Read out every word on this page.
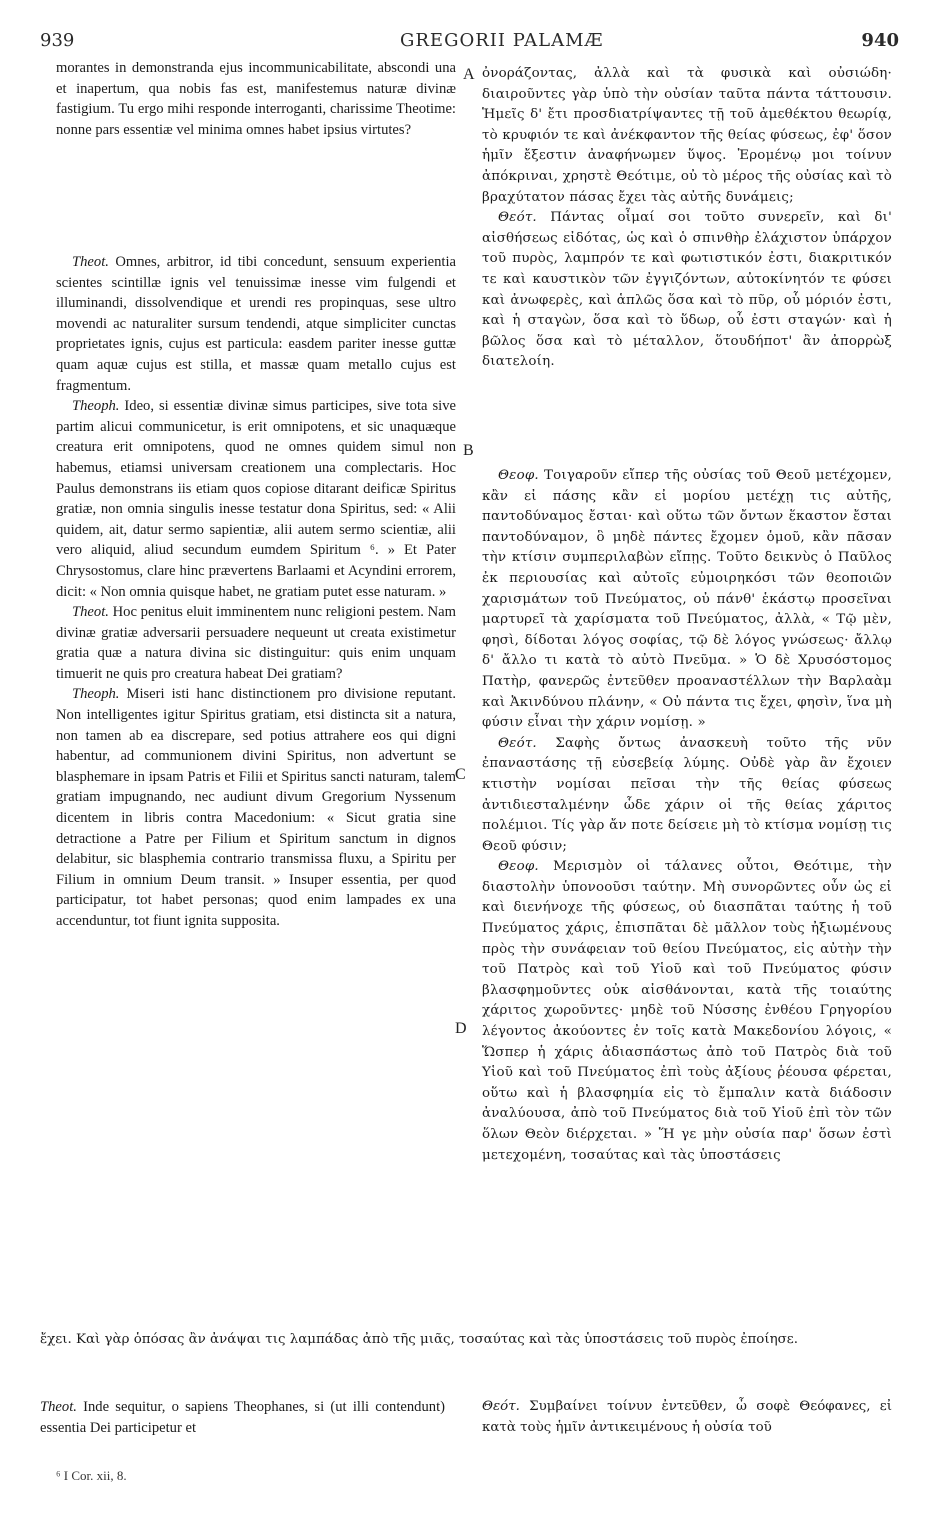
939	GREGORII PALAMÆ	940

morantes in demonstranda ejus incommunicabilitate, abscondi una et inapertum, qua nobis fas est, manifestemus naturæ divinæ fastigium. Tu ergo mihi responde interroganti, charissime Theotime: nonne pars essentiæ vel minima omnes habet ipsius virtutes?

Theot. Omnes, arbitror, id tibi concedunt, sensuum experientia scientes scintillæ ignis vel tenuissimæ inesse vim fulgendi et illuminandi, dissolvendique et urendi res propinquas, sese ultro movendi ac naturaliter sursum tendendi, atque simpliciter cunctas proprietates ignis, cujus est particula: easdem pariter inesse guttæ quam aquæ cujus est stilla, et massæ quam metallo cujus est fragmentum.

Theoph. Ideo, si essentiæ divinæ simus participes, sive tota sive partim alicui communicetur, is erit omnipotens, et sic unaquæque creatura erit omnipotens, quod ne omnes quidem simul non habemus, etiamsi universam creationem una complectaris. Hoc Paulus demonstrans iis etiam quos copiose ditarant deificæ Spiritus gratiæ, non omnia singulis inesse testatur dona Spiritus, sed: « Alii quidem, ait, datur sermo sapientiæ, alii autem sermo scientiæ, alii vero aliquid, aliud secundum eumdem Spiritum ⁶. » Et Pater Chrysostomus, clare hinc prævertens Barlaami et Acyndini errorem, dicit: « Non omnia quisque habet, ne gratiam putet esse naturam. »

Theot. Hoc penitus eluit imminentem nunc religioni pestem. Nam divinæ gratiæ adversarii persuadere nequeunt ut creata existimetur gratia quæ a natura divina sic distinguitur: quis enim unquam timuerit ne quis pro creatura habeat Dei gratiam?

Theoph. Miseri isti hanc distinctionem pro divisione reputant. Non intelligentes igitur Spiritus gratiam, etsi distincta sit a natura, non tamen ab ea discrepare, sed potius attrahere eos qui digni habentur, ad communionem divini Spiritus, non advertunt se blasphemare in ipsam Patris et Filii et Spiritus sancti naturam, talem gratiam impugnando, nec audiunt divum Gregorium Nyssenum dicentem in libris contra Macedonium: « Sicut gratia sine detractione a Patre per Filium et Spiritum sanctum in dignos delabitur, sic blasphemia contrario transmissa fluxu, a Spiritu per Filium in omnium Deum transit. » Insuper essentia, per quod participatur, tot habet personas; quod enim lampades ex una accenduntur, tot fiunt ignita supposita.

A
B
C
D

ὀνοράζοντας, ἀλλὰ καὶ τὰ φυσικὰ καὶ οὐσιώδη· διαιροῦντες γὰρ ὑπὸ τὴν οὐσίαν ταῦτα πάντα τάττουσιν. Ἡμεῖς δ' ἔτι προσδιατρίψαντες τῇ τοῦ ἀμεθέκτου θεωρίᾳ, τὸ κρυφιόν τε καὶ ἀνέκφαντον τῆς θείας φύσεως, ἐφ' ὅσον ἡμῖν ἔξεστιν ἀναφήνωμεν ὕψος. Ἐρομένῳ μοι τοίνυν ἀπόκριναι, χρηστὲ Θεότιμε, οὐ τὸ μέρος τῆς οὐσίας καὶ τὸ βραχύτατον πάσας ἔχει τὰς αὐτῆς δυνάμεις;

Θεότ. Πάντας οἶμαί σοι τοῦτο συνερεῖν, καὶ δι' αἰσθήσεως εἰδότας, ὡς καὶ ὁ σπινθὴρ ἐλάχιστον ὑπάρχον τοῦ πυρὸς, λαμπρόν τε καὶ φωτιστικόν ἐστι, διακριτικόν τε καὶ καυστικὸν τῶν ἐγγιζόντων, αὐτοκίνητόν τε φύσει καὶ ἀνωφερὲς, καὶ ἁπλῶς ὅσα καὶ τὸ πῦρ, οὗ μόριόν ἐστι, καὶ ἡ σταγὼν, ὅσα καὶ τὸ ὕδωρ, οὗ ἐστι σταγών· καὶ ἡ βῶλος ὅσα καὶ τὸ μέταλλον, ὅτουδήποτ' ἂν ἀπορρὼξ διατελοίη.

Θεοφ. Τοιγαροῦν εἴπερ τῆς οὐσίας τοῦ Θεοῦ μετέχομεν, κἂν εἰ πάσης κἂν εἰ μορίου μετέχῃ τις αὐτῆς, παντοδύναμος ἔσται· καὶ οὕτω τῶν ὄντων ἕκαστον ἔσται παντοδύναμον, ὃ μηδὲ πάντες ἔχομεν ὁμοῦ, κἂν πᾶσαν τὴν κτίσιν συμπεριλαβὼν εἴπῃς. Τοῦτο δεικνὺς ὁ Παῦλος ἐκ περιουσίας καὶ αὐτοῖς εὐμοιρηκόσι τῶν θεοποιῶν χαρισμάτων τοῦ Πνεύματος, οὐ πάνθ' ἑκάστῳ προσεῖναι μαρτυρεῖ τὰ χαρίσματα τοῦ Πνεύματος, ἀλλὰ, « Τῷ μὲν, φησὶ, δίδοται λόγος σοφίας, τῷ δὲ λόγος γνώσεως· ἄλλῳ δ' ἄλλο τι κατὰ τὸ αὐτὸ Πνεῦμα. » Ὁ δὲ Χρυσόστομος Πατὴρ, φανερῶς ἐντεῦθεν προαναστέλλων τὴν Βαρλαὰμ καὶ Ἀκινδύνου πλάνην, « Οὐ πάντα τις ἔχει, φησὶν, ἵνα μὴ φύσιν εἶναι τὴν χάριν νομίσῃ. »

Θεότ. Σαφὴς ὄντως ἀνασκευὴ τοῦτο τῆς νῦν ἐπαναστάσης τῇ εὐσεβείᾳ λύμης. Οὐδὲ γὰρ ἂν ἔχοιεν κτιστὴν νομίσαι πεῖσαι τὴν τῆς θείας φύσεως ἀντιδιεσταλμένην ὧδε χάριν οἱ τῆς θείας χάριτος πολέμιοι. Τίς γὰρ ἄν ποτε δείσειε μὴ τὸ κτίσμα νομίσῃ τις Θεοῦ φύσιν;

Θεοφ. Μερισμὸν οἱ τάλανες οὗτοι, Θεότιμε, τὴν διαστολὴν ὑπονοοῦσι ταύτην. Μὴ συνορῶντες οὖν ὡς εἰ καὶ διενήνοχε τῆς φύσεως, οὐ διασπᾶται ταύτης ἡ τοῦ Πνεύματος χάρις, ἐπισπᾶται δὲ μᾶλλον τοὺς ἠξιωμένους πρὸς τὴν συνάφειαν τοῦ θείου Πνεύματος, εἰς αὐτὴν τὴν τοῦ Πατρὸς καὶ τοῦ Υἱοῦ καὶ τοῦ Πνεύματος φύσιν βλασφημοῦντες οὐκ αἰσθάνονται, κατὰ τῆς τοιαύτης χάριτος χωροῦντες· μηδὲ τοῦ Νύσσης ἐνθέου Γρηγορίου λέγοντος ἀκούοντες ἐν τοῖς κατὰ Μακεδονίου λόγοις, « Ὥσπερ ἡ χάρις ἀδιασπάστως ἀπὸ τοῦ Πατρὸς διὰ τοῦ Υἱοῦ καὶ τοῦ Πνεύματος ἐπὶ τοὺς ἀξίους ῥέουσα φέρεται, οὕτω καὶ ἡ βλασφημία εἰς τὸ ἔμπαλιν κατὰ διάδοσιν ἀναλύουσα, ἀπὸ τοῦ Πνεύματος διὰ τοῦ Υἱοῦ ἐπὶ τὸν τῶν ὅλων Θεὸν διέρχεται. » Ἥ γε μὴν οὐσία παρ' ὅσων ἐστὶ μετεχομένη, τοσαύτας καὶ τὰς ὑποστάσεις

ἔχει. Καὶ γὰρ ὁπόσας ἂν ἀνάψαι τις λαμπάδας ἀπὸ τῆς μιᾶς, τοσαύτας καὶ τὰς ὑποστάσεις τοῦ πυρὸς ἐποίησε.
Theot. Inde sequitur, o sapiens Theophanes, si (ut illi contendunt) essentia Dei participetur et
Θεότ. Συμβαίνει τοίνυν ἐντεῦθεν, ὦ σοφὲ Θεόφανες, εἰ κατὰ τοὺς ἡμῖν ἀντικειμένους ἡ οὐσία τοῦ
⁶ I Cor. xii, 8.
